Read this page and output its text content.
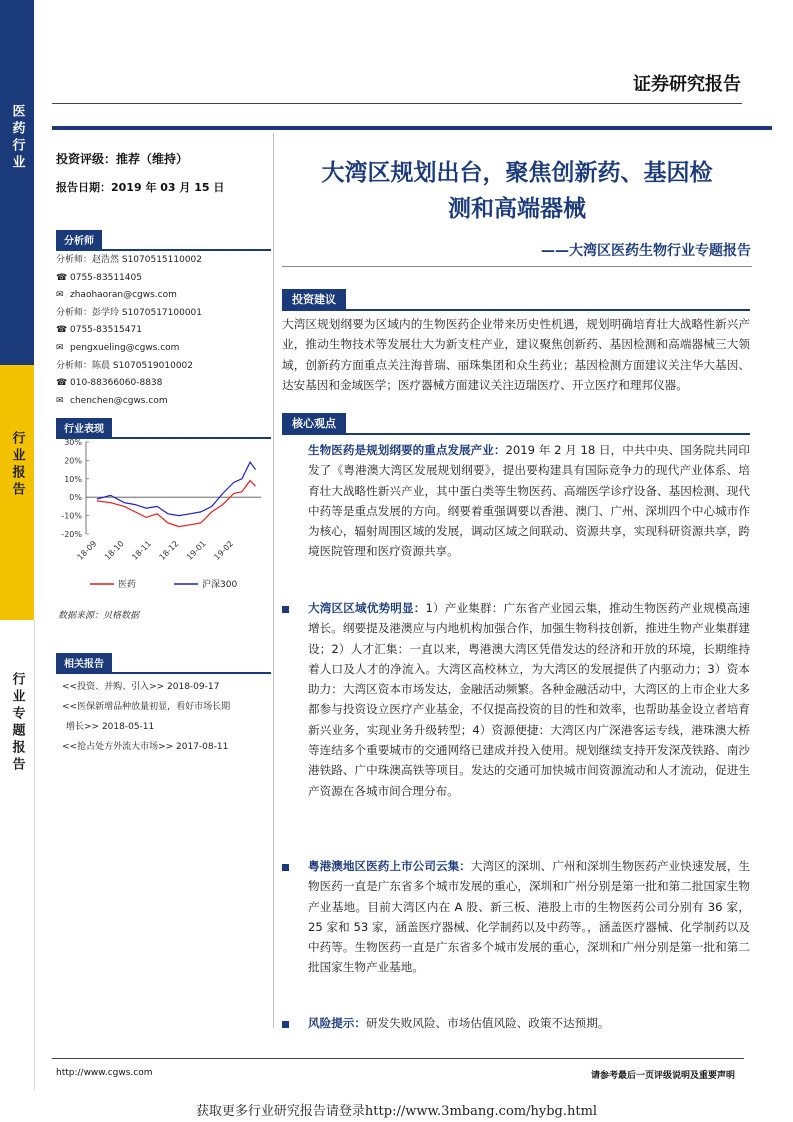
医药行业
行业报告
行业专题报告
证券研究报告
投资评级：推荐（维持）
报告日期：2019 年 03 月 15 日
分析师
分析师：赵浩然 S1070515110002
☎ 0755-83511405
✉ zhaohaoran@cgws.com
分析师：彭学玲 S1070517100001
☎ 0755-83515471
✉ pengxueling@cgws.com
分析师：陈晨 S1070519010002
☎ 010-88366060-8838
✉ chenchen@cgws.com
行业表现
30%
20%
10%
0%
-10%
-20%
18-09 18-10 18-11 18-12 19-01 19-02
医药	沪深300
数据来源：贝格数据
相关报告
<<投资、并购、引入>> 2018-09-17
<<医保新增品种放量初显，看好市场长期
增长>> 2018-05-11
<<抢占处方外流大市场>> 2017-08-11
大湾区规划出台，聚焦创新药、基因检
测和高端器械
——大湾区医药生物行业专题报告
投资建议
大湾区规划纲要为区域内的生物医药企业带来历史性机遇，规划明确培育壮大战略性新兴产业，推动生物技术等发展壮大为新支柱产业，建议聚焦创新药、基因检测和高端器械三大领域，创新药方面重点关注海普瑞、丽珠集团和众生药业；基因检测方面建议关注华大基因、达安基因和金域医学；医疗器械方面建议关注迈瑞医疗、开立医疗和理邦仪器。
核心观点
生物医药是规划纲要的重点发展产业：2019 年 2 月 18 日，中共中央、国务院共同印发了《粤港澳大湾区发展规划纲要》，提出要构建具有国际竞争力的现代产业体系、培育壮大战略性新兴产业，其中蛋白类等生物医药、高端医学诊疗设备、基因检测、现代中药等是重点发展的方向。纲要着重强调要以香港、澳门、广州、深圳四个中心城市作为核心，辐射周围区域的发展，调动区域之间联动、资源共享，实现科研资源共享，跨境医院管理和医疗资源共享。
大湾区区域优势明显：1）产业集群：广东省产业园云集，推动生物医药产业规模高速增长。纲要提及港澳应与内地机构加强合作，加强生物科技创新，推进生物产业集群建设；2）人才汇集：一直以来，粤港澳大湾区凭借发达的经济和开放的环境，长期维持着人口及人才的净流入。大湾区高校林立，为大湾区的发展提供了内驱动力；3）资本助力：大湾区资本市场发达，金融活动频繁。各种金融活动中，大湾区的上市企业大多都参与投资设立医疗产业基金，不仅提高投资的目的性和效率，也帮助基金设立者培育新兴业务，实现业务升级转型；4）资源便捷：大湾区内广深港客运专线，港珠澳大桥等连结多个重要城市的交通网络已建成并投入使用。规划继续支持开发深茂铁路、南沙港铁路、广中珠澳高铁等项目。发达的交通可加快城市间资源流动和人才流动，促进生产资源在各城市间合理分布。
粤港澳地区医药上市公司云集：大湾区的深圳、广州和深圳生物医药产业快速发展，生物医药一直是广东省多个城市发展的重心，深圳和广州分别是第一批和第二批国家生物产业基地。目前大湾区内在 A 股、新三板、港股上市的生物医药公司分别有 36 家，25 家和 53 家，涵盖医疗器械、化学制药以及中药等。，涵盖医疗器械、化学制药以及中药等。生物医药一直是广东省多个城市发展的重心，深圳和广州分别是第一批和第二批国家生物产业基地。
风险提示：研发失败风险、市场估值风险、政策不达预期。
http://www.cgws.com	请参考最后一页评级说明及重要声明
获取更多行业研究报告请登录http://www.3mbang.com/hybg.html
